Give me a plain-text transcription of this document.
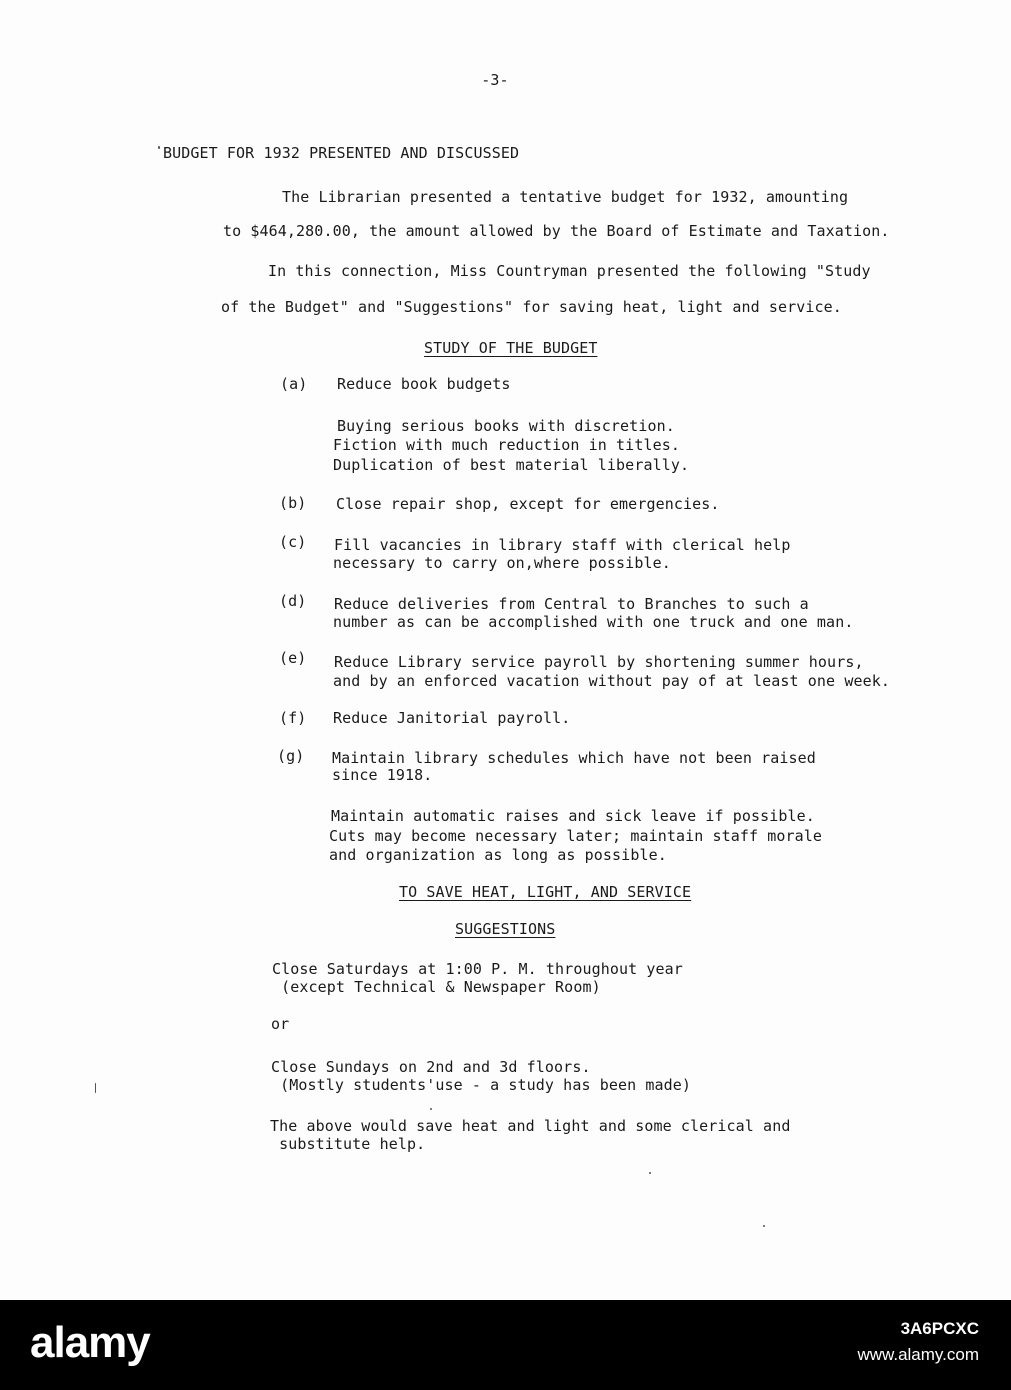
-3-
BUDGET FOR 1932 PRESENTED AND DISCUSSED
The Librarian presented a tentative budget for 1932, amounting
to $464,280.00, the amount allowed by the Board of Estimate and Taxation.
In this connection, Miss Countryman presented the following "Study
of the Budget" and "Suggestions" for saving heat, light and service.
STUDY OF THE BUDGET
(a) Reduce book budgets
Buying serious books with discretion.
Fiction with much reduction in titles.
Duplication of best material liberally.
(b) Close repair shop, except for emergencies.
(c) Fill vacancies in library staff with clerical help
necessary to carry on,where possible.
(d) Reduce deliveries from Central to Branches to such a
number as can be accomplished with one truck and one man.
(e) Reduce Library service payroll by shortening summer hours,
and by an enforced vacation without pay of at least one week.
(f) Reduce Janitorial payroll.
(g) Maintain library schedules which have not been raised
since 1918.
Maintain automatic raises and sick leave if possible.
Cuts may become necessary later; maintain staff morale
and organization as long as possible.
TO SAVE HEAT, LIGHT, AND SERVICE
SUGGESTIONS
Close Saturdays at 1:00 P. M. throughout year
(except Technical & Newspaper Room)
or
Close Sundays on 2nd and 3d floors.
(Mostly students'use - a study has been made)
The above would save heat and light and some clerical and
substitute help.
alamy	3A6PCXC
www.alamy.com
